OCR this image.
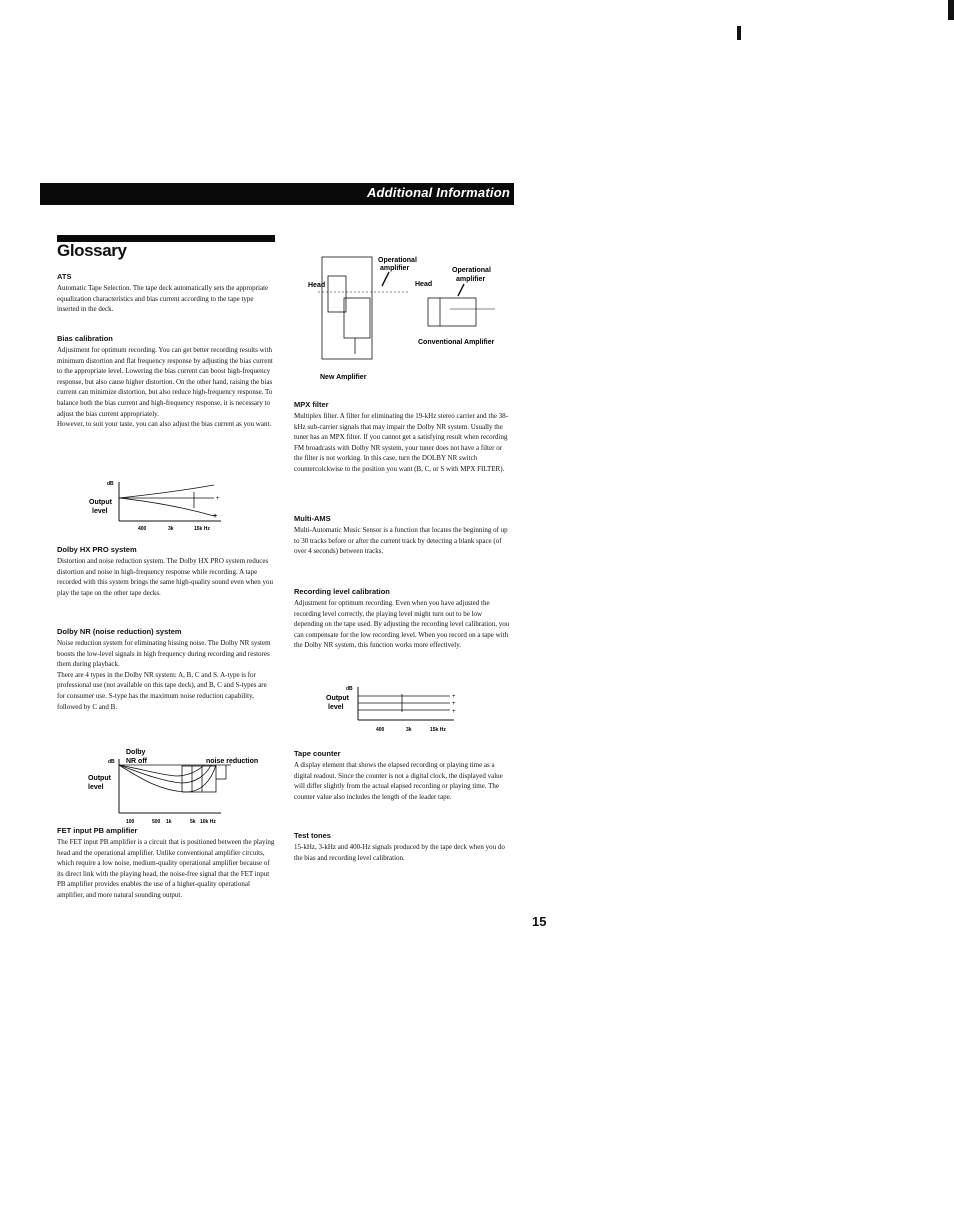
Additional Information
Glossary

ATS

Automatic Tape Selection. The tape deck automatically sets the appropriate equalization characteristics and bias current according to the tape type inserted in the deck.

Bias calibration

Adjustment for optimum recording. You can get better recording results with minimum distortion and flat frequency response by adjusting the bias current to the appropriate level. Lowering the bias current can boost high-frequency response, but also cause higher distortion. On the other hand, raising the bias current can minimize distortion, but also reduce high-frequency response. To balance both the bias current and high-frequency response, it is necessary to adjust the bias current appropriately.

However, to suit your taste, you can also adjust the bias current as you want.

dB
Output
level
+
+
400	3k	15k Hz

Dolby HX PRO system

Distortion and noise reduction system. The Dolby HX PRO system reduces distortion and noise in high-frequency response while recording. A tape recorded with this system brings the same high-quality sound even when you play the tape on the other tape decks.

Dolby NR (noise reduction) system

Noise reduction system for eliminating hissing noise. The Dolby NR system boosts the low-level signals in high frequency during recording and restores them during playback.

There are 4 types in the Dolby NR system: A, B, C and S. A-type is for professional use (not available on this tape deck), and B, C and S-types are for consumer use. S-type has the maximum noise reduction capability, followed by C and B.

Dolby
dB NR off	noise reduction
Output
level
100	500 1k	5k 10k Hz

FET input PB amplifier

The FET input PB amplifier is a circuit that is positioned between the playing head and the operational amplifier. Unlike conventional amplifier circuits, which require a low noise, medium-quality operational amplifier because of its direct link with the playing head, the noise-free signal that the FET input PB amplifier provides enables the use of a higher-quality operational amplifier, and more natural sounding output.

Operational
amplifier
Head
New Amplifier
Operational
amplifier
Head
Conventional Amplifier

MPX filter

Multiplex filter. A filter for eliminating the 19-kHz stereo carrier and the 38-kHz sub-carrier signals that may impair the Dolby NR system. Usually the tuner has an MPX filter. If you cannot get a satisfying result when recording FM broadcasts with Dolby NR system, your tuner does not have a filter or the filter is not working. In this case, turn the DOLBY NR switch countercolckwise to the position you want (B, C, or S with MPX FILTER).

Multi-AMS

Multi-Automatic Music Sensor is a function that locates the beginning of up to 30 tracks before or after the current track by detecting a blank space (of over 4 seconds) between tracks.

Recording level calibration

Adjustment for optimum recording. Even when you have adjusted the recording level correctly, the playing level might turn out to be low depending on the tape used. By adjusting the recording level calibration, you can compensate for the low recording level. When you record on a tape with the Dolby NR system, this function works more effectively.

dB
Output
level
+
+
+
400	3k	15k Hz

Tape counter

A display element that shows the elapsed recording or playing time as a digital readout. Since the counter is not a digital clock, the displayed value will differ slightly from the actual elapsed recording or playing time. The counter value also includes the length of the leader tape.

Test tones

15-kHz, 3-kHz and 400-Hz signals produced by the tape deck when you do the bias and recording level calibration.

15
